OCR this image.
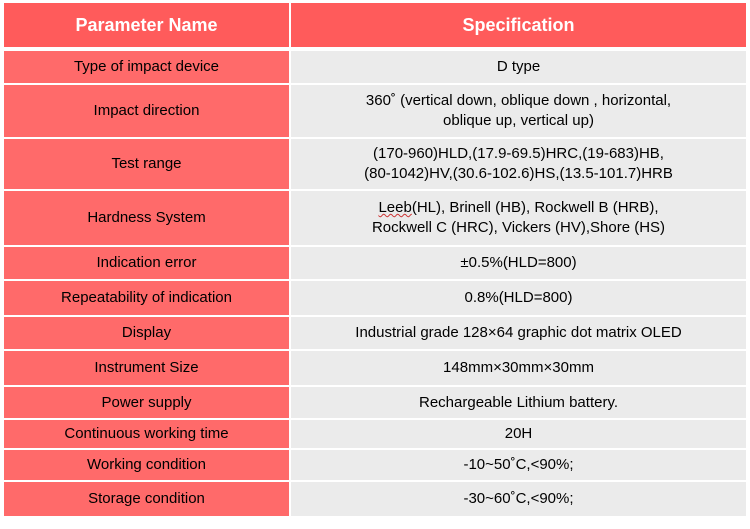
Parameter Name	Specification
Type of impact device	D type
Impact direction	360˚ (vertical down, oblique down , horizontal,
oblique up, vertical up)

Test range	(170-960)HLD,(17.9-69.5)HRC,(19-683)HB,
(80-1042)HV,(30.6-102.6)HS,(13.5-101.7)HRB

Hardness System	Leeb(HL), Brinell (HB), Rockwell B (HRB),
Rockwell C (HRC), Vickers (HV),Shore (HS)

Indication error	±0.5%(HLD=800)
Repeatability of indication	0.8%(HLD=800)
Display	Industrial grade 128×64 graphic dot matrix OLED
Instrument Size	148mm×30mm×30mm
Power supply	Rechargeable Lithium battery.
Continuous working time	20H
Working condition	-10~50˚C,<90%;
Storage condition	-30~60˚C,<90%;
